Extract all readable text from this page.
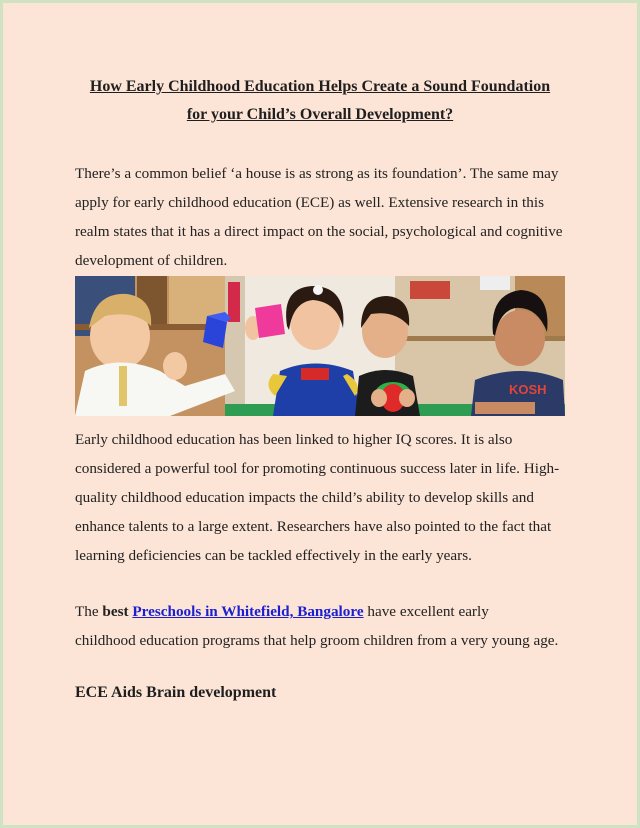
How Early Childhood Education Helps Create a Sound Foundation
for your Child’s Overall Development?

There’s a common belief ‘a house is as strong as its foundation’. The same may
apply for early childhood education (ECE) as well. Extensive research in this
realm states that it has a direct impact on the social, psychological and cognitive
development of children.

KOSH

Early childhood education has been linked to higher IQ scores. It is also
considered a powerful tool for promoting continuous success later in life. High-
quality childhood education impacts the child’s ability to develop skills and
enhance talents to a large extent. Researchers have also pointed to the fact that
learning deficiencies can be tackled effectively in the early years.

The best Preschools in Whitefield, Bangalore have excellent early
childhood education programs that help groom children from a very young age.

ECE Aids Brain development
